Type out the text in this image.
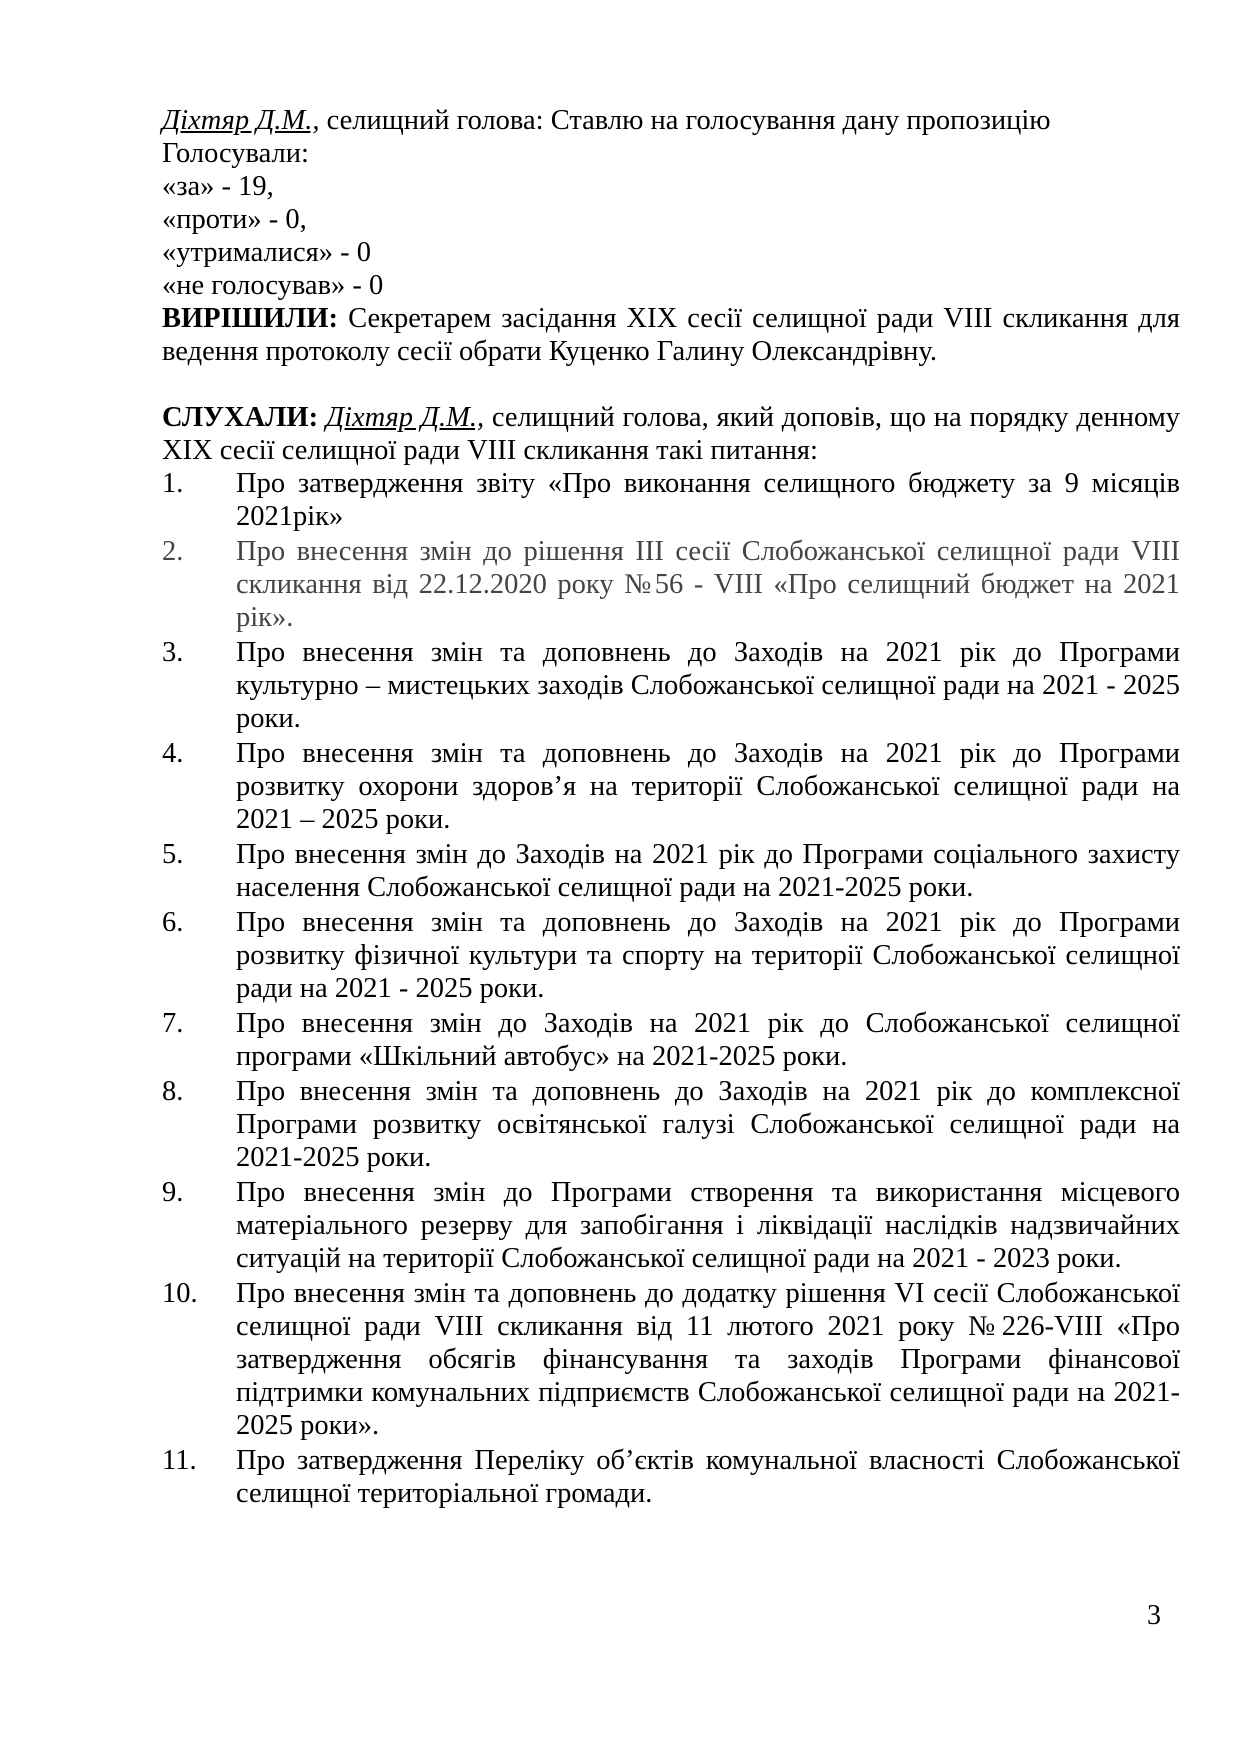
Діхтяр Д.М., селищний голова: Ставлю на голосування дану пропозицію
Голосували:
«за» - 19,
«проти» - 0,
«утрималися» - 0
«не голосував» - 0
ВИРІШИЛИ: Секретарем засідання XIX сесії селищної ради VIII скликання для ведення протоколу сесії обрати Куценко Галину Олександрівну.
СЛУХАЛИ: Діхтяр Д.М., селищний голова, який доповів, що на порядку денному XIX сесії селищної ради VIII скликання такі питання:
1. Про затвердження звіту «Про виконання селищного бюджету за 9 місяців 2021рік»
2. Про внесення змін до рішення III сесії Слобожанської селищної ради VIII скликання від 22.12.2020 року №56 - VIII «Про селищний бюджет на 2021 рік».
3. Про внесення змін та доповнень до Заходів на 2021 рік до Програми культурно – мистецьких заходів Слобожанської селищної ради на 2021 - 2025 роки.
4. Про внесення змін та доповнень до Заходів на 2021 рік до Програми розвитку охорони здоров’я на території Слобожанської селищної ради на 2021 – 2025 роки.
5. Про внесення змін до Заходів на 2021 рік до Програми соціального захисту населення Слобожанської селищної ради на 2021-2025 роки.
6. Про внесення змін та доповнень до Заходів на 2021 рік до Програми розвитку фізичної культури та спорту на території Слобожанської селищної ради на 2021 - 2025 роки.
7. Про внесення змін до Заходів на 2021 рік до Слобожанської селищної програми «Шкільний автобус» на 2021-2025 роки.
8. Про внесення змін та доповнень до Заходів на 2021 рік до комплексної Програми розвитку освітянської галузі Слобожанської селищної ради на 2021-2025 роки.
9. Про внесення змін до Програми створення та використання місцевого матеріального резерву для запобігання і ліквідації наслідків надзвичайних ситуацій на території Слобожанської селищної ради на 2021 - 2023 роки.
10. Про внесення змін та доповнень до додатку рішення VI сесії Слобожанської селищної ради VIII скликання від 11 лютого 2021 року №226-VIII «Про затвердження обсягів фінансування та заходів Програми фінансової підтримки комунальних підприємств Слобожанської селищної ради на 2021-2025 роки».
11. Про затвердження Переліку об’єктів комунальної власності Слобожанської селищної територіальної громади.
3
